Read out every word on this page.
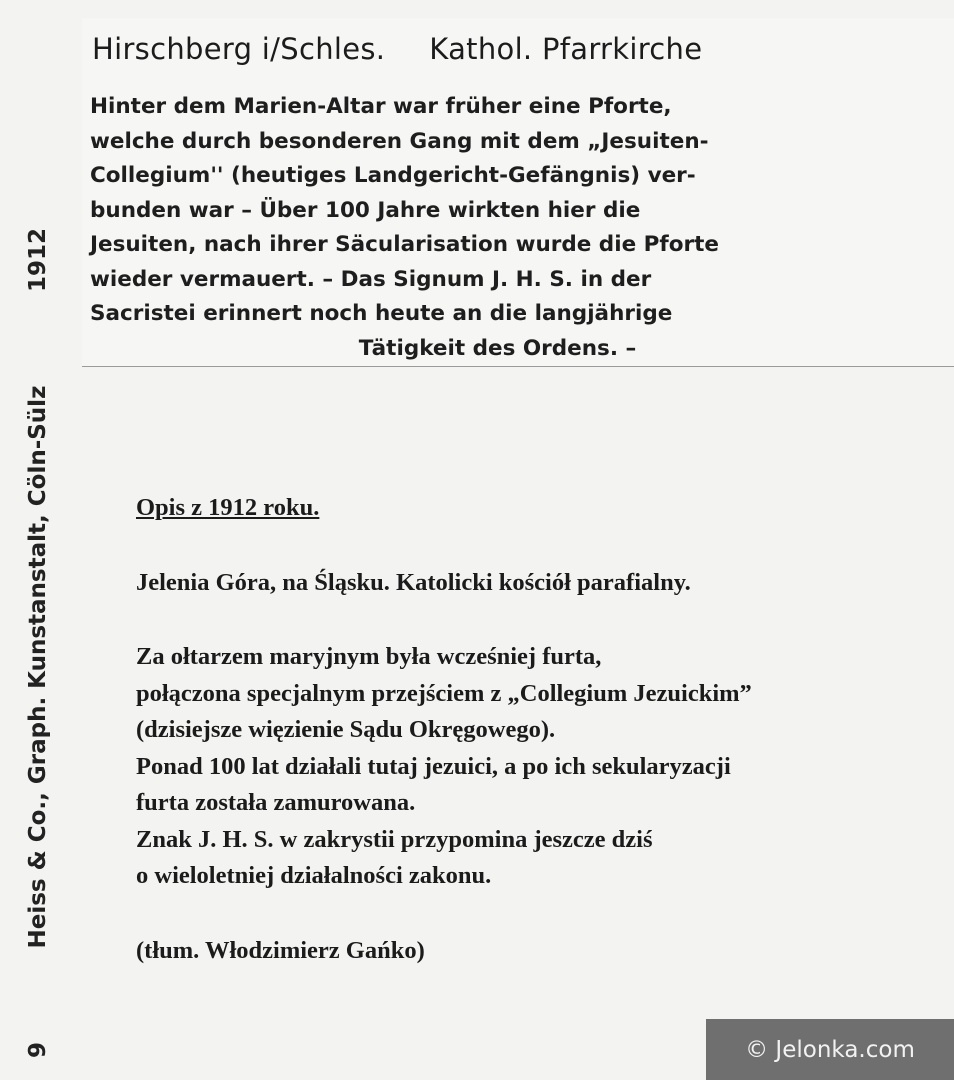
9
Heiss & Co., Graph. Kunstanstalt, Cöln-Sülz
1912
Hirschberg i/Schles. Kathol. Pfarrkirche
Hinter dem Marien-Altar war früher eine Pforte,
welche durch besonderen Gang mit dem „Jesuiten-
Collegium'' (heutiges Landgericht-Gefängnis) ver-
bunden war – Über 100 Jahre wirkten hier die
Jesuiten, nach ihrer Säcularisation wurde die Pforte
wieder vermauert. – Das Signum J. H. S. in der
Sacristei erinnert noch heute an die langjährige
Tätigkeit des Ordens. –
Opis z 1912 roku.
Jelenia Góra, na Śląsku. Katolicki kościół parafialny.
Za ołtarzem maryjnym była wcześniej furta,
połączona specjalnym przejściem z „Collegium Jezuickim”
(dzisiejsze więzienie Sądu Okręgowego).
Ponad 100 lat działali tutaj jezuici, a po ich sekularyzacji
furta została zamurowana.
Znak J. H. S. w zakrystii przypomina jeszcze dziś
o wieloletniej działalności zakonu.
(tłum. Włodzimierz Gańko)
© Jelonka.com
